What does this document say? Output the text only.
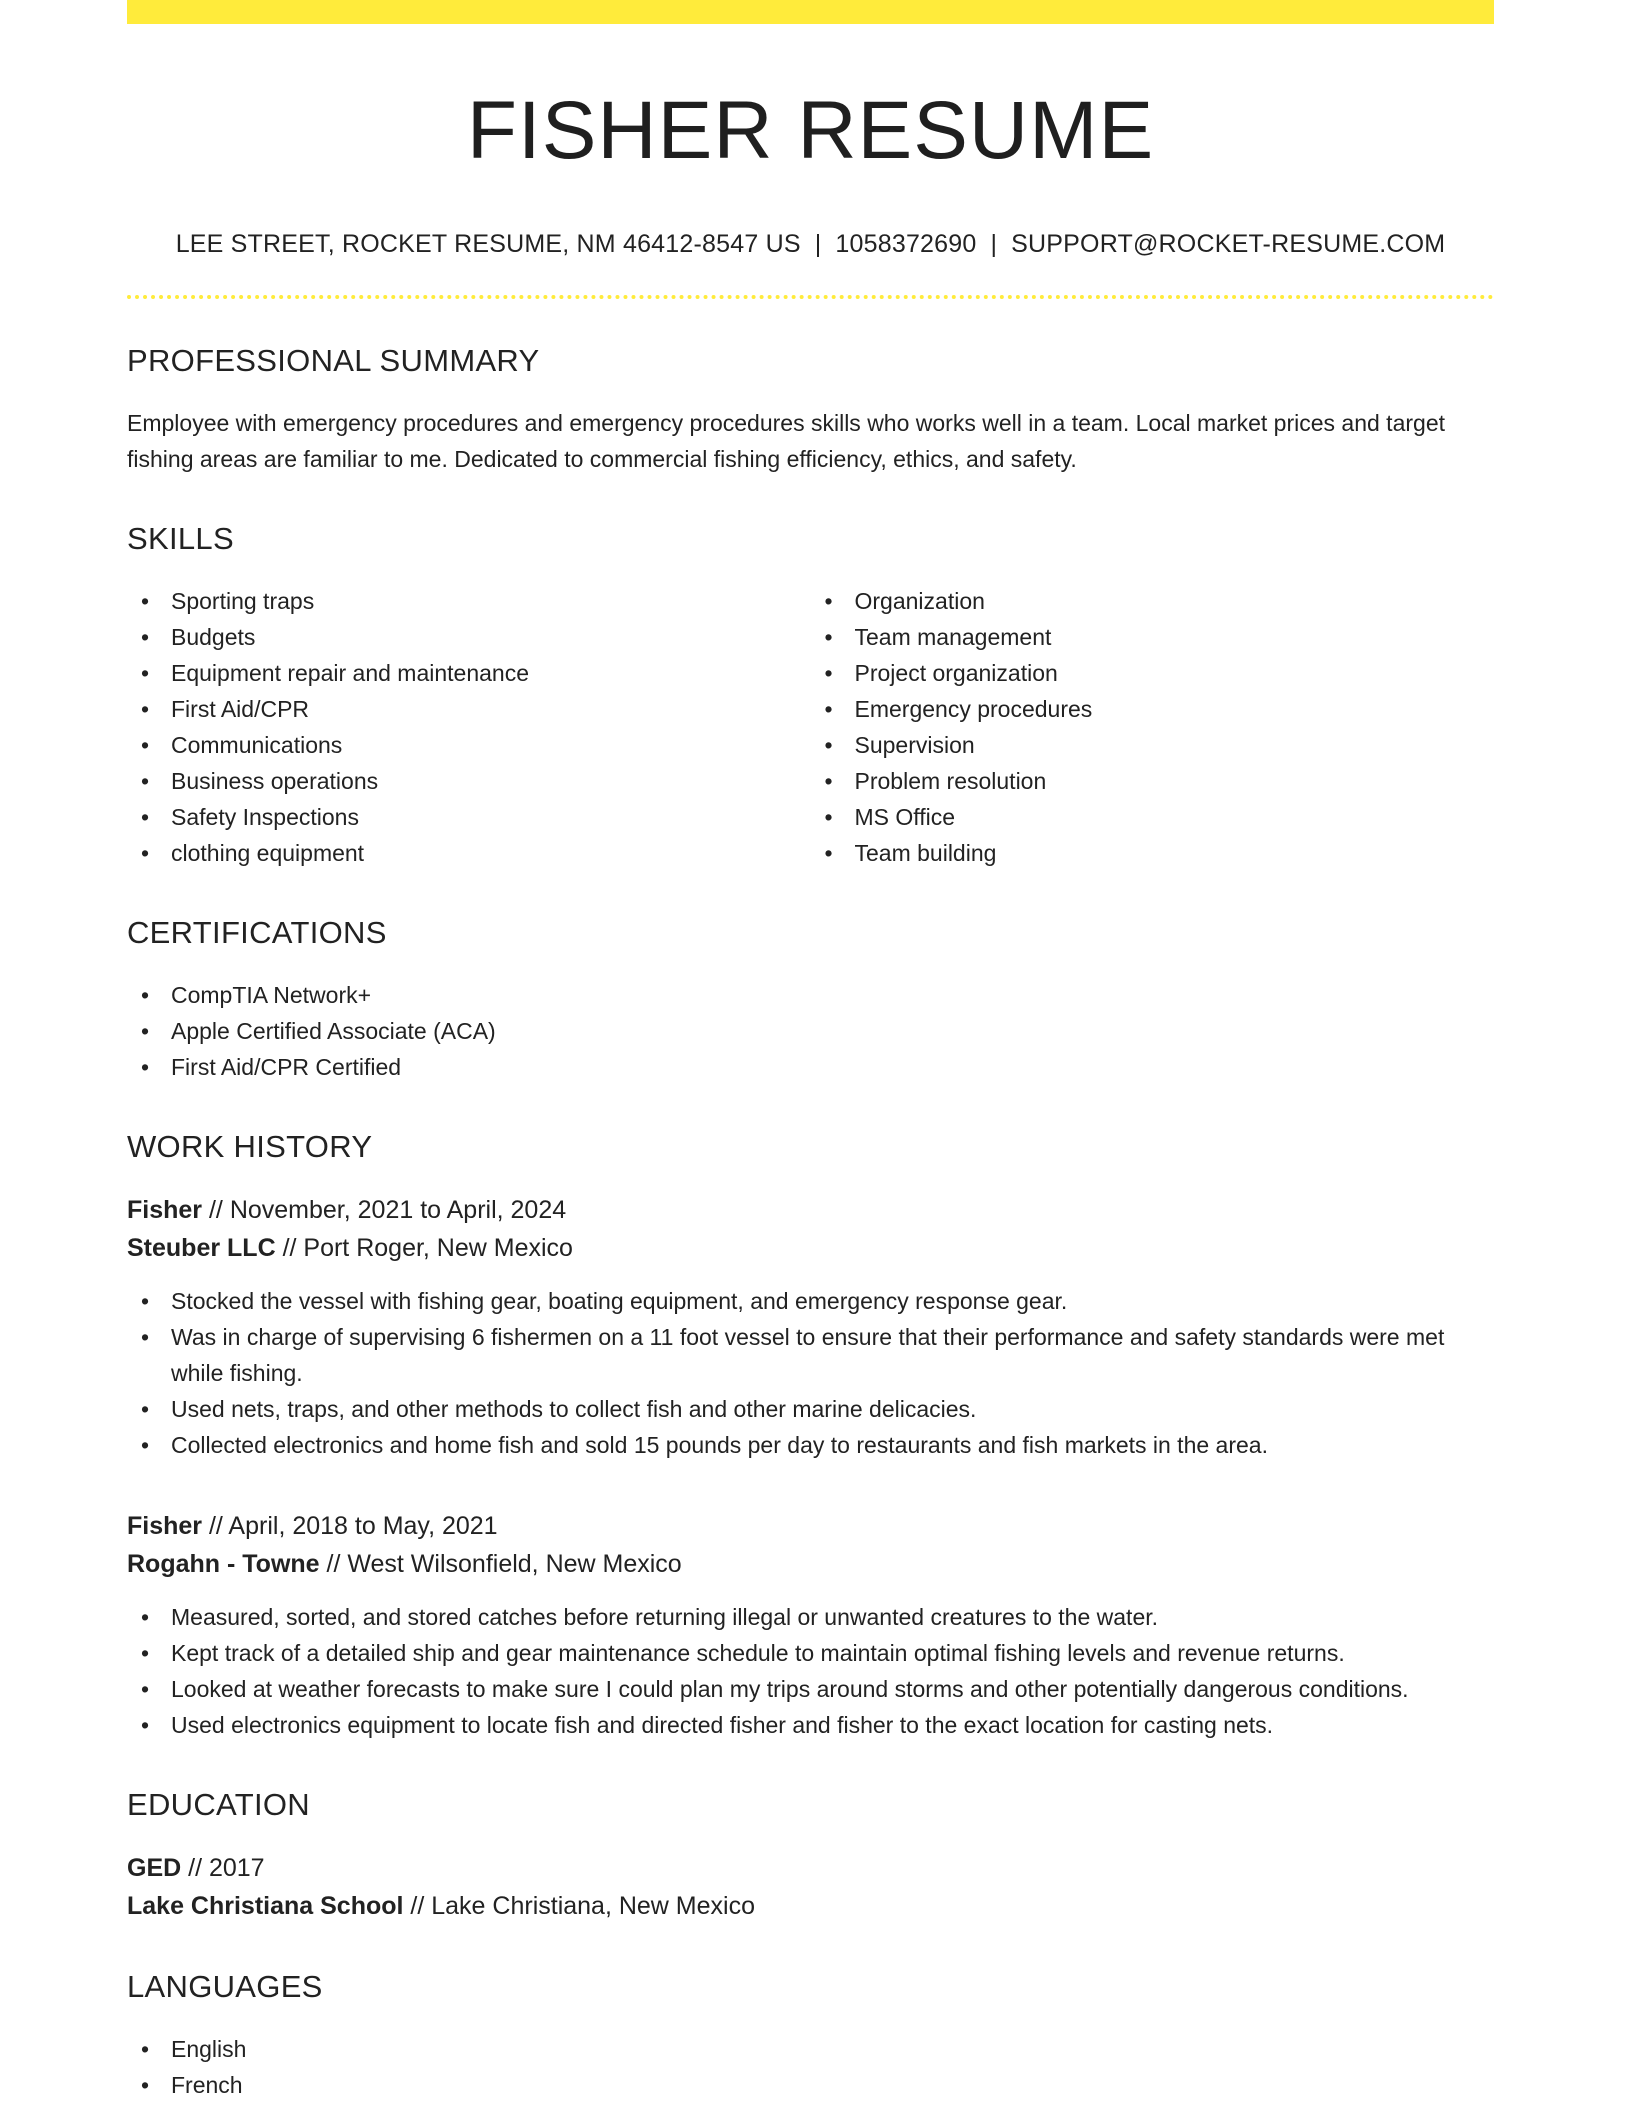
FISHER RESUME
LEE STREET, ROCKET RESUME, NM 46412-8547 US | 1058372690 | SUPPORT@ROCKET-RESUME.COM
PROFESSIONAL SUMMARY

Employee with emergency procedures and emergency procedures skills who works well in a team. Local market prices and target fishing areas are familiar to me. Dedicated to commercial fishing efficiency, ethics, and safety.

SKILLS
• Sporting traps
• Budgets
• Equipment repair and maintenance
• First Aid/CPR
• Communications
• Business operations
• Safety Inspections
• clothing equipment
• Organization
• Team management
• Project organization
• Emergency procedures
• Supervision
• Problem resolution
• MS Office
• Team building
CERTIFICATIONS
• CompTIA Network+
• Apple Certified Associate (ACA)
• First Aid/CPR Certified
WORK HISTORY
Fisher // November, 2021 to April, 2024
Steuber LLC // Port Roger, New Mexico
• Stocked the vessel with fishing gear, boating equipment, and emergency response gear.
• Was in charge of supervising 6 fishermen on a 11 foot vessel to ensure that their performance and safety standards were met while fishing.
• Used nets, traps, and other methods to collect fish and other marine delicacies.
• Collected electronics and home fish and sold 15 pounds per day to restaurants and fish markets in the area.
Fisher // April, 2018 to May, 2021
Rogahn - Towne // West Wilsonfield, New Mexico
• Measured, sorted, and stored catches before returning illegal or unwanted creatures to the water.
• Kept track of a detailed ship and gear maintenance schedule to maintain optimal fishing levels and revenue returns.
• Looked at weather forecasts to make sure I could plan my trips around storms and other potentially dangerous conditions.
• Used electronics equipment to locate fish and directed fisher and fisher to the exact location for casting nets.
EDUCATION
GED // 2017
Lake Christiana School // Lake Christiana, New Mexico
LANGUAGES
• English
• French
